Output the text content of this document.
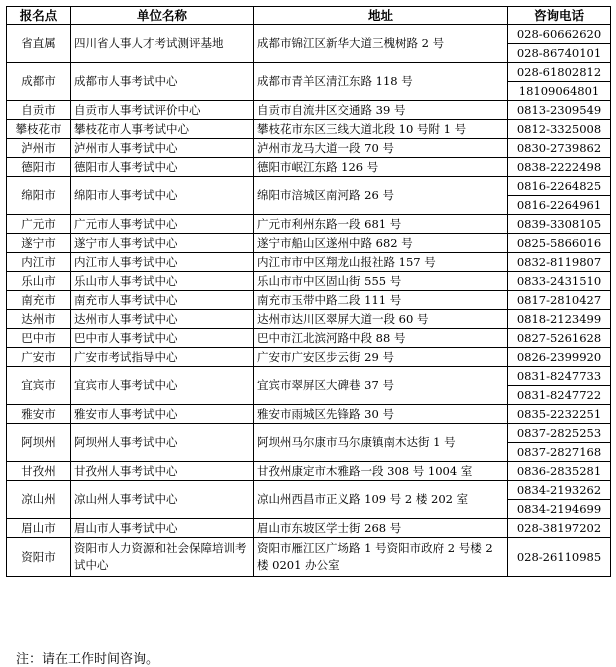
报名点	单位名称	地址	咨询电话
省直属	四川省人事人才考试测评基地	成都市锦江区新华大道三槐树路 2 号	028-60662620
028-86740101

成都市	成都市人事考试中心	成都市青羊区清江东路 118 号	028-61802812
18109064801

自贡市	自贡市人事考试评价中心	自贡市自流井区交通路 39 号	0813-2309549

攀枝花市	攀枝花市人事考试中心	攀枝花市东区三线大道北段 10 号附 1 号	0812-3325008

泸州市	泸州市人事考试中心	泸州市龙马大道一段 70 号	0830-2739862

德阳市	德阳市人事考试中心	德阳市岷江东路 126 号	0838-2222498

绵阳市	绵阳市人事考试中心	绵阳市涪城区南河路 26 号	0816-2264825
0816-2264961

广元市	广元市人事考试中心	广元市利州东路一段 681 号	0839-3308105

遂宁市	遂宁市人事考试中心	遂宁市船山区遂州中路 682 号	0825-5866016

内江市	内江市人事考试中心	内江市市中区翔龙山报社路 157 号	0832-8119807

乐山市	乐山市人事考试中心	乐山市市中区固山街 555 号	0833-2431510

南充市	南充市人事考试中心	南充市玉带中路二段 111 号	0817-2810427

达州市	达州市人事考试中心	达州市达川区翠屏大道一段 60 号	0818-2123499

巴中市	巴中市人事考试中心	巴中市江北滨河路中段 88 号	0827-5261628

广安市	广安市考试指导中心	广安市广安区步云街 29 号	0826-2399920

宜宾市	宜宾市人事考试中心	宜宾市翠屏区大碑巷 37 号	0831-8247733
0831-8247722

雅安市	雅安市人事考试中心	雅安市雨城区先锋路 30 号	0835-2232251

阿坝州	阿坝州人事考试中心	阿坝州马尔康市马尔康镇南木达街 1 号	0837-2825253
0837-2827168

甘孜州	甘孜州人事考试中心	甘孜州康定市木雅路一段 308 号 1004 室	0836-2835281

凉山州	凉山州人事考试中心	凉山州西昌市正义路 109 号 2 楼 202 室	0834-2193262
0834-2194699

眉山市	眉山市人事考试中心	眉山市东坡区学士街 268 号	028-38197202

资阳市	资阳市人力资源和社会保障培训考试中心	资阳市雁江区广场路 1 号资阳市政府 2 号楼 2 楼 0201 办公室	028-26110985
注：请在工作时间咨询。
